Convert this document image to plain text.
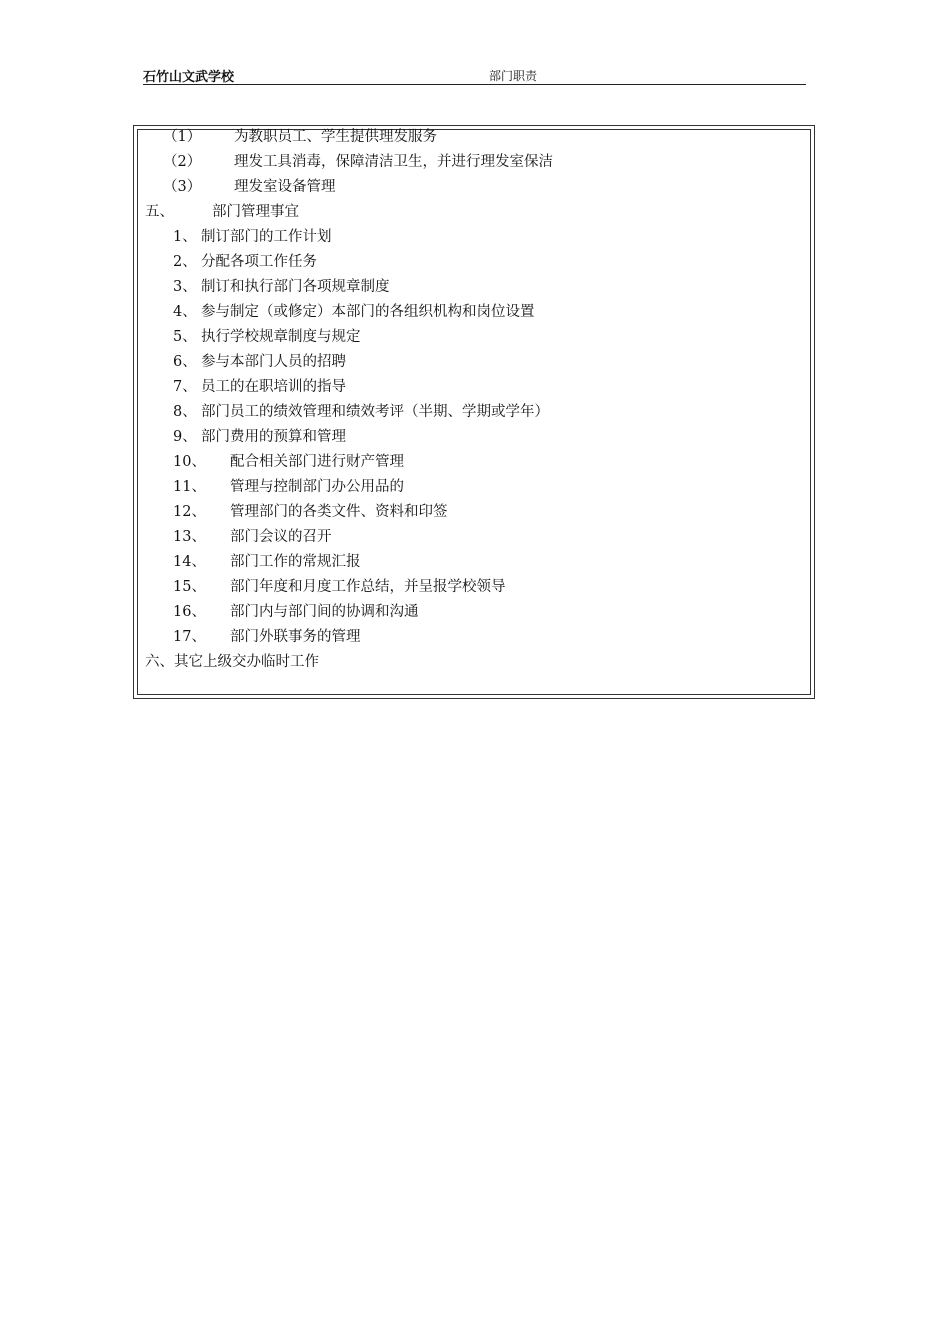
石竹山文武学校	部门职责
（1） 为教职员工、学生提供理发服务
（2） 理发工具消毒，保障清洁卫生，并进行理发室保洁
（3） 理发室设备管理
五、	部门管理事宜
1、 制订部门的工作计划
2、 分配各项工作任务
3、 制订和执行部门各项规章制度
4、 参与制定（或修定）本部门的各组织机构和岗位设置
5、 执行学校规章制度与规定
6、 参与本部门人员的招聘
7、 员工的在职培训的指导
8、 部门员工的绩效管理和绩效考评（半期、学期或学年）
9、 部门费用的预算和管理
10、 配合相关部门进行财产管理
11、 管理与控制部门办公用品的
12、 管理部门的各类文件、资料和印签
13、 部门会议的召开
14、 部门工作的常规汇报
15、 部门年度和月度工作总结，并呈报学校领导
16、 部门内与部门间的协调和沟通
17、 部门外联事务的管理
六、其它上级交办临时工作
